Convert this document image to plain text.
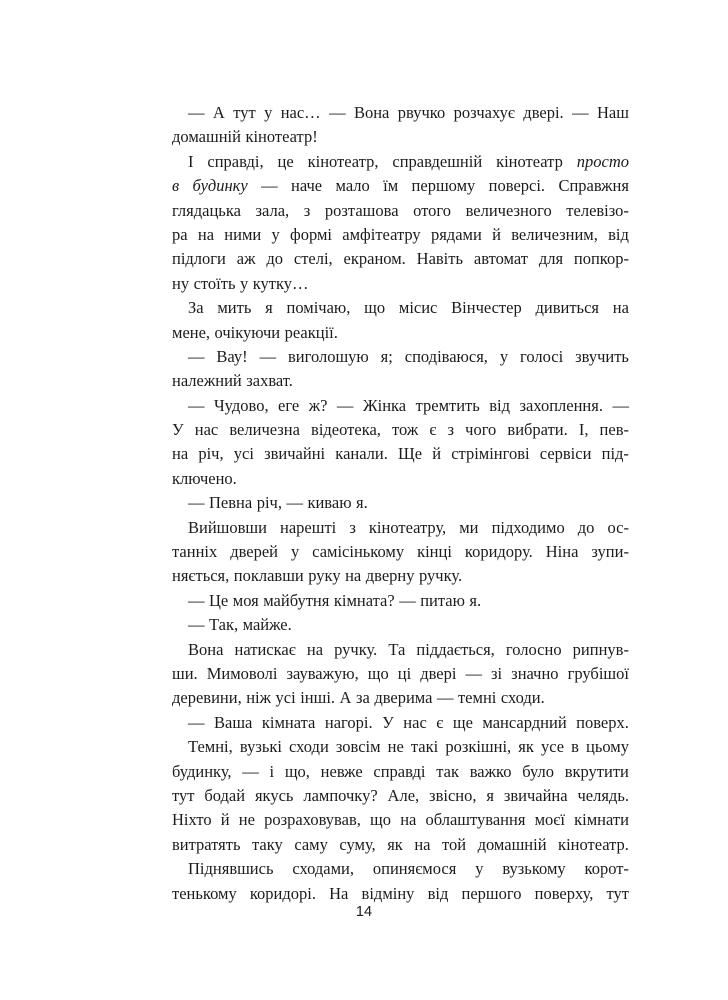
— А тут у нас… — Вона рвучко розчахує двері. — Наш
домашній кінотеатр!
І справді, це кінотеатр, справдешній кінотеатр просто
в будинку — наче мало їм першому поверсі. Справжня
глядацька зала, з розташова отого величезного телевізо-
ра на ними у формі амфітеатру рядами й величезним, від
підлоги аж до стелі, екраном. Навіть автомат для попкор-
ну стоїть у кутку…
За мить я помічаю, що місис Вінчестер дивиться на
мене, очікуючи реакції.
— Вау! — виголошую я; сподіваюся, у голосі звучить
належний захват.
— Чудово, еге ж? — Жінка тремтить від захоплення. —
У нас величезна відеотека, тож є з чого вибрати. І, пев-
на річ, усі звичайні канали. Ще й стрімінгові сервіси під-
ключено.
— Певна річ, — киваю я.
Вийшовши нарешті з кінотеатру, ми підходимо до ос-
танніх дверей у самісінькому кінці коридору. Ніна зупи-
няється, поклавши руку на дверну ручку.
— Це моя майбутня кімната? — питаю я.
— Так, майже.
Вона натискає на ручку. Та піддається, голосно рипнув-
ши. Мимоволі зауважую, що ці двері — зі значно грубішої
деревини, ніж усі інші. А за дверима — темні сходи.
— Ваша кімната нагорі. У нас є ще мансардний поверх.
Темні, вузькі сходи зовсім не такі розкішні, як усе в цьому
будинку, — і що, невже справді так важко було вкрутити
тут бодай якусь лампочку? Але, звісно, я звичайна челядь.
Ніхто й не розраховував, що на облаштування моєї кімнати
витратять таку саму суму, як на той домашній кінотеатр.
Піднявшись сходами, опиняємося у вузькому корот-
тенькому коридорі. На відміну від першого поверху, тут
14
